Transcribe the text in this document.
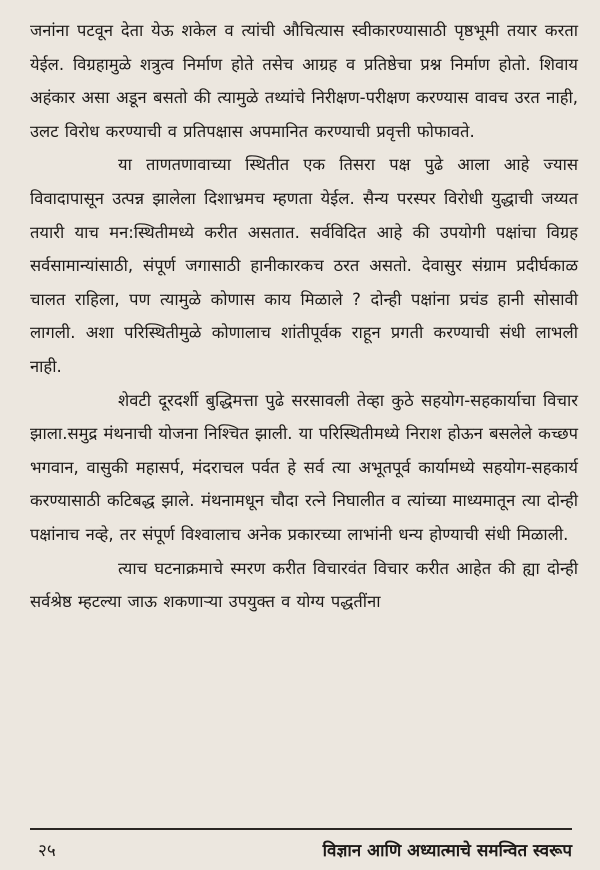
जनांना पटवून देता येऊ शकेल व त्यांची औचित्यास स्वीकारण्यासाठी पृष्ठभूमी तयार करता येईल. विग्रहामुळे शत्रुत्व निर्माण होते तसेच आग्रह व प्रतिष्ठेचा प्रश्न निर्माण होतो. शिवाय अहंकार असा अडून बसतो की त्यामुळे तथ्यांचे निरीक्षण-परीक्षण करण्यास वावच उरत नाही, उलट विरोध करण्याची व प्रतिपक्षास अपमानित करण्याची प्रवृत्ती फोफावते.

या ताणतणावाच्या स्थितीत एक तिसरा पक्ष पुढे आला आहे ज्यास विवादापासून उत्पन्न झालेला दिशाभ्रमच म्हणता येईल. सैन्य परस्पर विरोधी युद्धाची जय्यत तयारी याच मन:स्थितीमध्ये करीत असतात. सर्वविदित आहे की उपयोगी पक्षांचा विग्रह सर्वसामान्यांसाठी, संपूर्ण जगासाठी हानीकारकच ठरत असतो. देवासुर संग्राम प्रदीर्घकाळ चालत राहिला, पण त्यामुळे कोणास काय मिळाले ? दोन्ही पक्षांना प्रचंड हानी सोसावी लागली. अशा परिस्थितीमुळे कोणालाच शांतीपूर्वक राहून प्रगती करण्याची संधी लाभली नाही.

शेवटी दूरदर्शी बुद्धिमत्ता पुढे सरसावली तेव्हा कुठे सहयोग-सहकार्याचा विचार झाला.समुद्र मंथनाची योजना निश्चित झाली. या परिस्थितीमध्ये निराश होऊन बसलेले कच्छप भगवान, वासुकी महासर्प, मंदराचल पर्वत हे सर्व त्या अभूतपूर्व कार्यामध्ये सहयोग-सहकार्य करण्यासाठी कटिबद्ध झाले. मंथनामधून चौदा रत्ने निघालीत व त्यांच्या माध्यमातून त्या दोन्ही पक्षांनाच नव्हे, तर संपूर्ण विश्वालाच अनेक प्रकारच्या लाभांनी धन्य होण्याची संधी मिळाली.

त्याच घटनाक्रमाचे स्मरण करीत विचारवंत विचार करीत आहेत की ह्या दोन्ही सर्वश्रेष्ठ म्हटल्या जाऊ शकणाऱ्या उपयुक्त व योग्य पद्धतींना

२५	विज्ञान आणि अध्यात्माचे समन्वित स्वरूप
